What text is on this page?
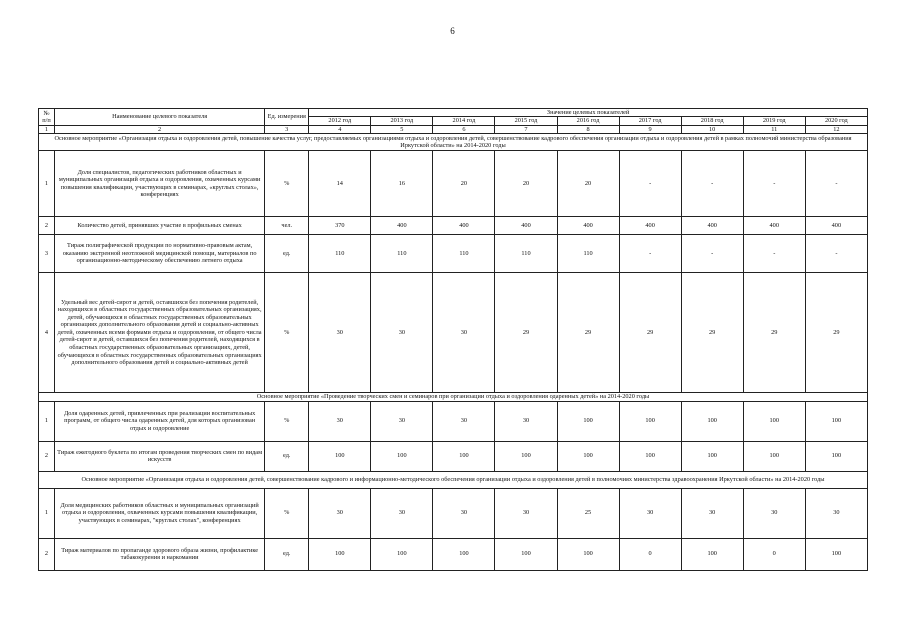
6
№ п/п	Наименование целевого показателя	Ед. измерения	Значение целевых показателей								
			2012 год	2013 год	2014 год	2015 год	2016 год	2017 год	2018 год	2019 год	2020 год
1	2	3	4	5	6	7	8	9	10	11	12
Основное мероприятие «Организация отдыха и оздоровления детей, повышение качества услуг, предоставляемых организациями отдыха и оздоровления детей, совершенствование кадрового обеспечения организации отдыха и оздоровления детей в рамках полномочий министерства образования Иркутской области» на 2014-2020 годы											
1	Доля специалистов, педагогических работников областных и муниципальных организаций отдыха и оздоровления, охваченных курсами повышения квалификации, участвующих в семинарах, «круглых столах», конференциях	%	14	16	20	20	20	-	-	-	-
2	Количество детей, принявших участие в профильных сменах	чел.	370	400	400	400	400	400	400	400	400
3	Тираж полиграфической продукции по нормативно-правовым актам, оказанию экстренной неотложной медицинской помощи, материалов по организационно-методическому обеспечению летнего отдыха	ед.	110	110	110	110	110	-	-	-	-
4	Удельный вес детей-сирот и детей, оставшихся без попечения родителей, находящихся в областных государственных образовательных организациях, детей, обучающихся в областных государственных образовательных организациях дополнительного образования детей и социально-активных детей, охваченных всеми формами отдыха и оздоровления, от общего числа детей-сирот и детей, оставшихся без попечения родителей, находящихся в областных государственных образовательных организациях, детей, обучающихся в областных государственных образовательных организациях дополнительного образования детей и социально-активных детей	%	30	30	30	29	29	29	29	29	29
Основное мероприятие «Проведение творческих смен и семинаров при организации отдыха и оздоровления одаренных детей» на 2014-2020 годы											
1	Доля одаренных детей, привлеченных при реализации воспитательных программ, от общего числа одаренных детей, для которых организован отдых и оздоровление	%	30	30	30	30	100	100	100	100	100
2	Тираж ежегодного буклета по итогам проведения творческих смен по видам искусств	ед.	100	100	100	100	100	100	100	100	100
Основное мероприятие «Организация отдыха и оздоровления детей, совершенствование кадрового и информационно-методического обеспечения организации отдыха и оздоровления детей в полномочиях министерства здравоохранения Иркутской области» на 2014-2020 годы											
1	Доля медицинских работников областных и муниципальных организаций отдыха и оздоровления, охваченных курсами повышения квалификации, участвующих в семинарах, "круглых столах", конференциях	%	30	30	30	30	25	30	30	30	30
2	Тираж материалов по пропаганде здорового образа жизни, профилактике табакокурения и наркомании	ед.	100	100	100	100	100	0	100	0	100
